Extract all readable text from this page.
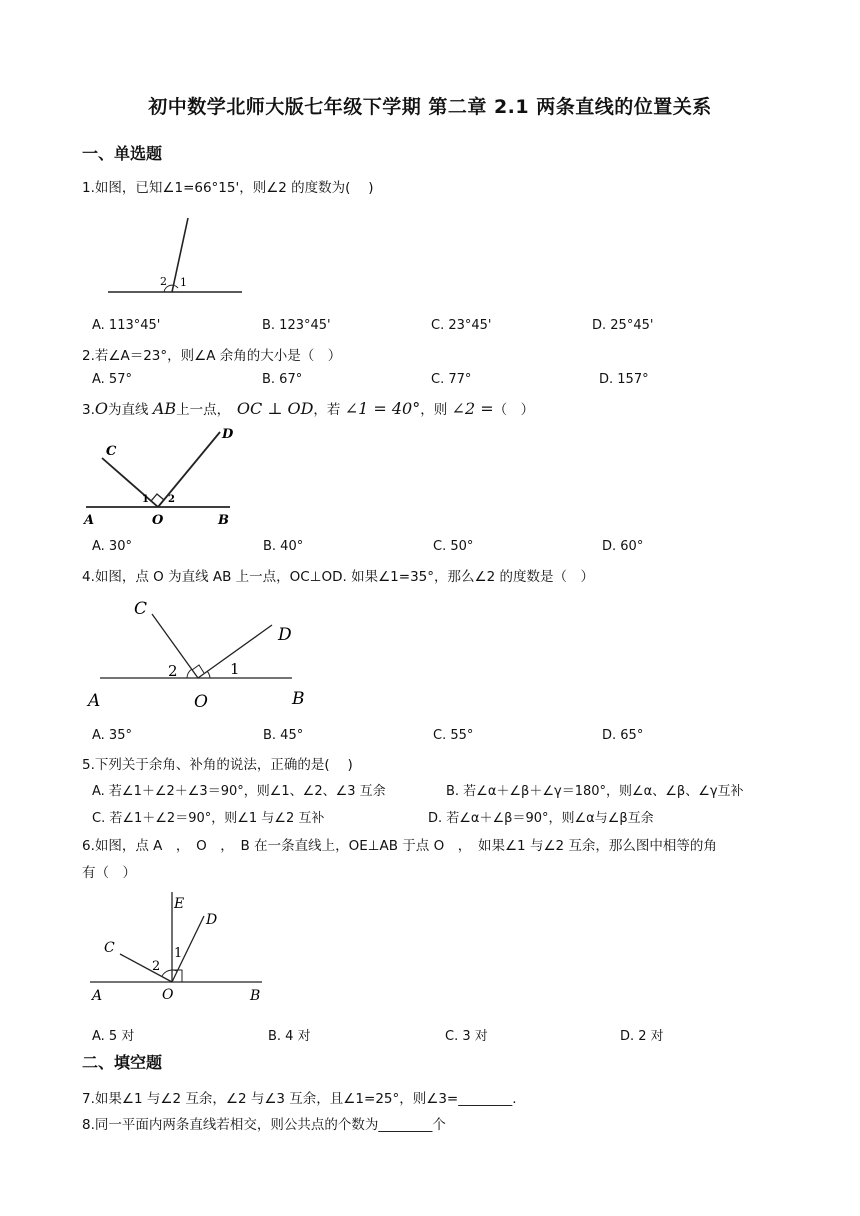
初中数学北师大版七年级下学期 第二章 2.1 两条直线的位置关系
一、单选题
1.如图，已知∠1=66°15'，则∠2 的度数为(　 )
2 1
A. 113°45'	B. 123°45'	C. 23°45'	D. 25°45'
2.若∠A＝23°，则∠A 余角的大小是（　）
A. 57°	B. 67°	C. 77°	D. 157°
3.O为直线 AB上一点，　OC ⊥ OD，若 ∠1 = 40°，则 ∠2 =（　）
C
D
A	O	B
1 2
A. 30°	B. 40°	C. 50°	D. 60°
4.如图，点 O 为直线 AB 上一点，OC⊥OD. 如果∠1=35°，那么∠2 的度数是（　）
C
D
A	O	B
2	1
A. 35°	B. 45°	C. 55°	D. 65°
5.下列关于余角、补角的说法，正确的是(　 )
A. 若∠1＋∠2＋∠3＝90°，则∠1、∠2、∠3 互余	B. 若∠α＋∠β＋∠γ＝180°，则∠α、∠β、∠γ互补
C. 若∠1＋∠2＝90°，则∠1 与∠2 互补	D. 若∠α＋∠β＝90°，则∠α与∠β互余
6.如图，点 A　，　O　，　B 在一条直线上，OE⊥AB 于点 O　，　如果∠1 与∠2 互余，那么图中相等的角
有（　）
E
D
C
A	O	B
1
2
A. 5 对	B. 4 对	C. 3 对	D. 2 对
二、填空题
7.如果∠1 与∠2 互余，∠2 与∠3 互余，且∠1=25°，则∠3=________.
8.同一平面内两条直线若相交，则公共点的个数为________个
